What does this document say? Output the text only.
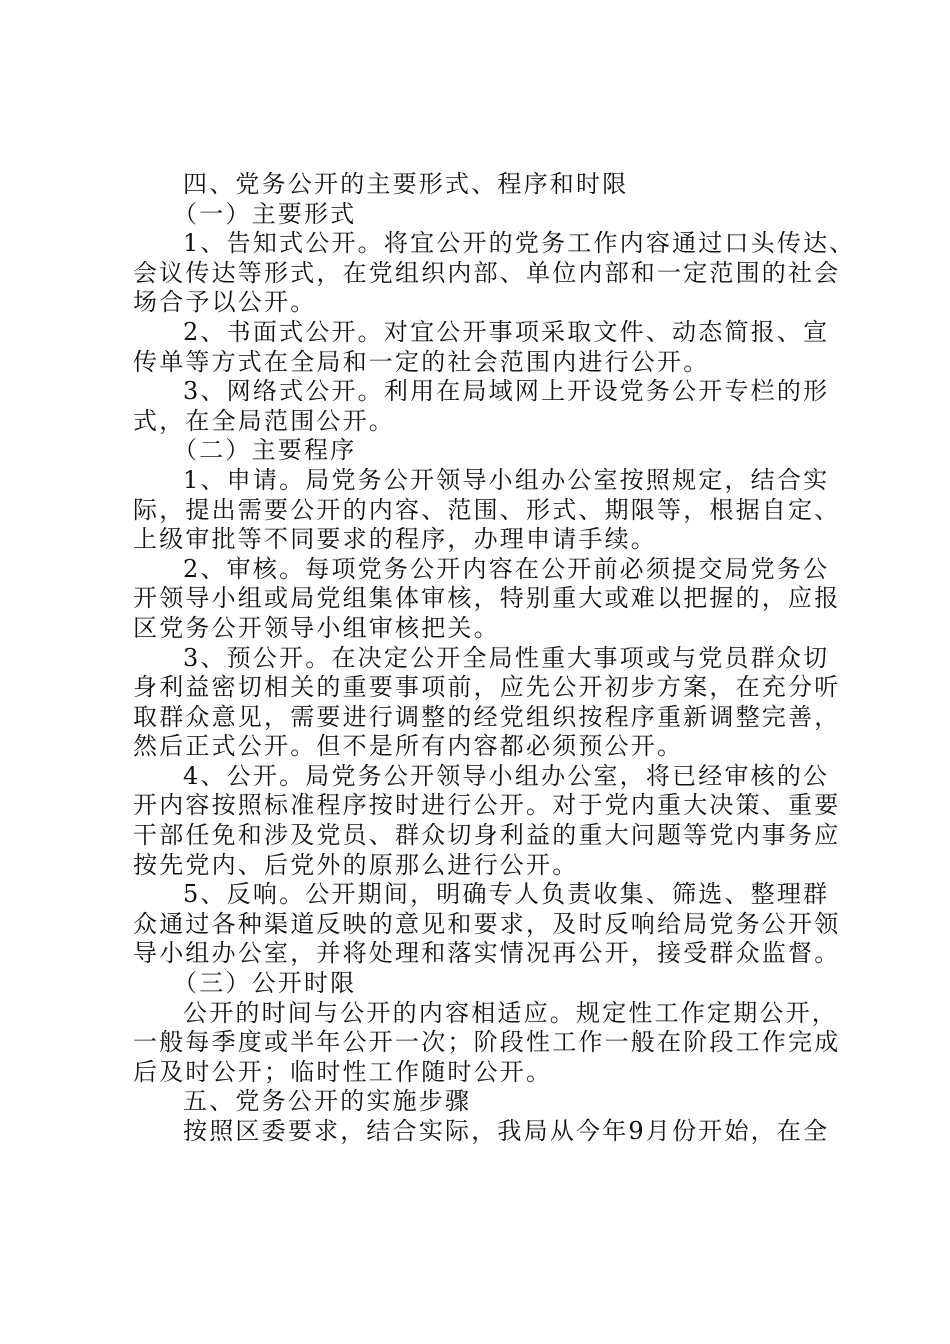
四、党务公开的主要形式、程序和时限
（一）主要形式
1、告知式公开。将宜公开的党务工作内容通过口头传达、
会议传达等形式，在党组织内部、单位内部和一定范围的社会
场合予以公开。
2、书面式公开。对宜公开事项采取文件、动态简报、宣
传单等方式在全局和一定的社会范围内进行公开。
3、网络式公开。利用在局域网上开设党务公开专栏的形
式，在全局范围公开。
（二）主要程序
1、申请。局党务公开领导小组办公室按照规定，结合实
际，提出需要公开的内容、范围、形式、期限等，根据自定、
上级审批等不同要求的程序，办理申请手续。
2、审核。每项党务公开内容在公开前必须提交局党务公
开领导小组或局党组集体审核，特别重大或难以把握的，应报
区党务公开领导小组审核把关。
3、预公开。在决定公开全局性重大事项或与党员群众切
身利益密切相关的重要事项前，应先公开初步方案，在充分听
取群众意见，需要进行调整的经党组织按程序重新调整完善，
然后正式公开。但不是所有内容都必须预公开。
4、公开。局党务公开领导小组办公室，将已经审核的公
开内容按照标准程序按时进行公开。对于党内重大决策、重要
干部任免和涉及党员、群众切身利益的重大问题等党内事务应
按先党内、后党外的原那么进行公开。
5、反响。公开期间，明确专人负责收集、筛选、整理群
众通过各种渠道反映的意见和要求，及时反响给局党务公开领
导小组办公室，并将处理和落实情况再公开，接受群众监督。
（三）公开时限
公开的时间与公开的内容相适应。规定性工作定期公开，
一般每季度或半年公开一次；阶段性工作一般在阶段工作完成
后及时公开；临时性工作随时公开。
五、党务公开的实施步骤
按照区委要求，结合实际，我局从今年9月份开始，在全
